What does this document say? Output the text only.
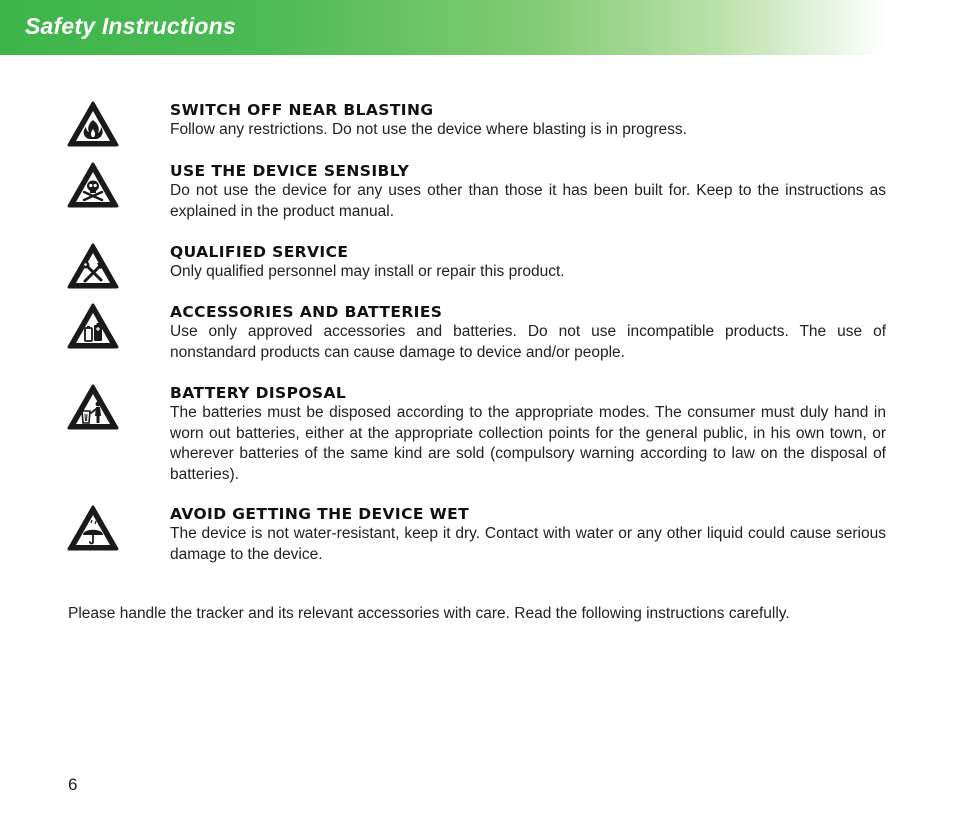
Safety Instructions

SWITCH OFF NEAR BLASTING

Follow any restrictions. Do not use the device where blasting is in progress.

USE THE DEVICE SENSIBLY

Do not use the device for any uses other than those it has been built for. Keep to the instructions as explained in the product manual.

QUALIFIED SERVICE

Only qualified personnel may install or repair this product.

ACCESSORIES AND BATTERIES

Use only approved accessories and batteries. Do not use incompatible products. The use of nonstandard products can cause damage to device and/or people.

BATTERY DISPOSAL

The batteries must be disposed according to the appropriate modes. The consumer must duly hand in worn out batteries, either at the appropriate collection points for the general public, in his own town, or wherever batteries of the same kind are sold (compulsory warning according to law on the disposal of batteries).

AVOID GETTING THE DEVICE WET

The device is not water-resistant, keep it dry. Contact with water or any other liquid could cause serious damage to the device.

Please handle the tracker and its relevant accessories with care. Read the following instructions carefully.

6
